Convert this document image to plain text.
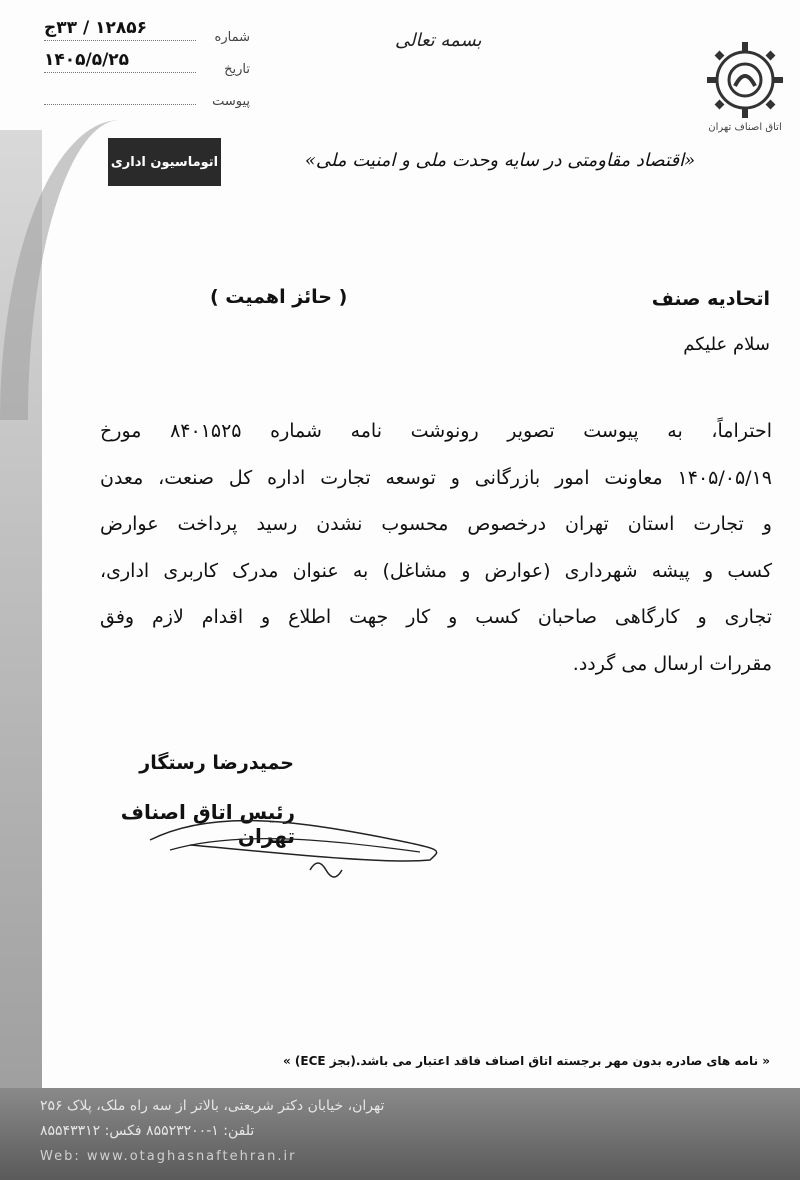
شماره
۱۲۸۵۶ / ۳۳ج
تاریخ
۱۴۰۵/۵/۲۵
پیوست
بسمه تعالی
اتاق اصناف تهران
اتوماسیون اداری	«اقتصاد مقاومتی در سایه وحدت ملی و امنیت ملی»
( حائز اهمیت )	اتحادیه صنف
سلام علیکم
احتراماً، به پیوست تصویر رونوشت نامه شماره ۸۴۰۱۵۲۵ مورخ
۱۴۰۵/۰۵/۱۹ معاونت امور بازرگانی و توسعه تجارت اداره کل صنعت، معدن
و تجارت استان تهران درخصوص محسوب نشدن رسید پرداخت عوارض
کسب و پیشه شهرداری (عوارض و مشاغل) به عنوان مدرک کاربری اداری،
تجاری و کارگاهی صاحبان کسب و کار جهت اطلاع و اقدام لازم وفق
مقررات ارسال می گردد.
حمیدرضا رستگار
رئیس اتاق اصناف تهران
« نامه های صادره بدون مهر برجسته اتاق اصناف فاقد اعتبار می باشد.(بجز ECE) »
تهران، خیابان دکتر شریعتی، بالاتر از سه راه ملک، پلاک ۲۵۶
تلفن: ۱-۸۵۵۲۳۲۰۰ فکس: ۸۵۵۴۳۳۱۲
Web: www.otaghasnaftehran.ir
